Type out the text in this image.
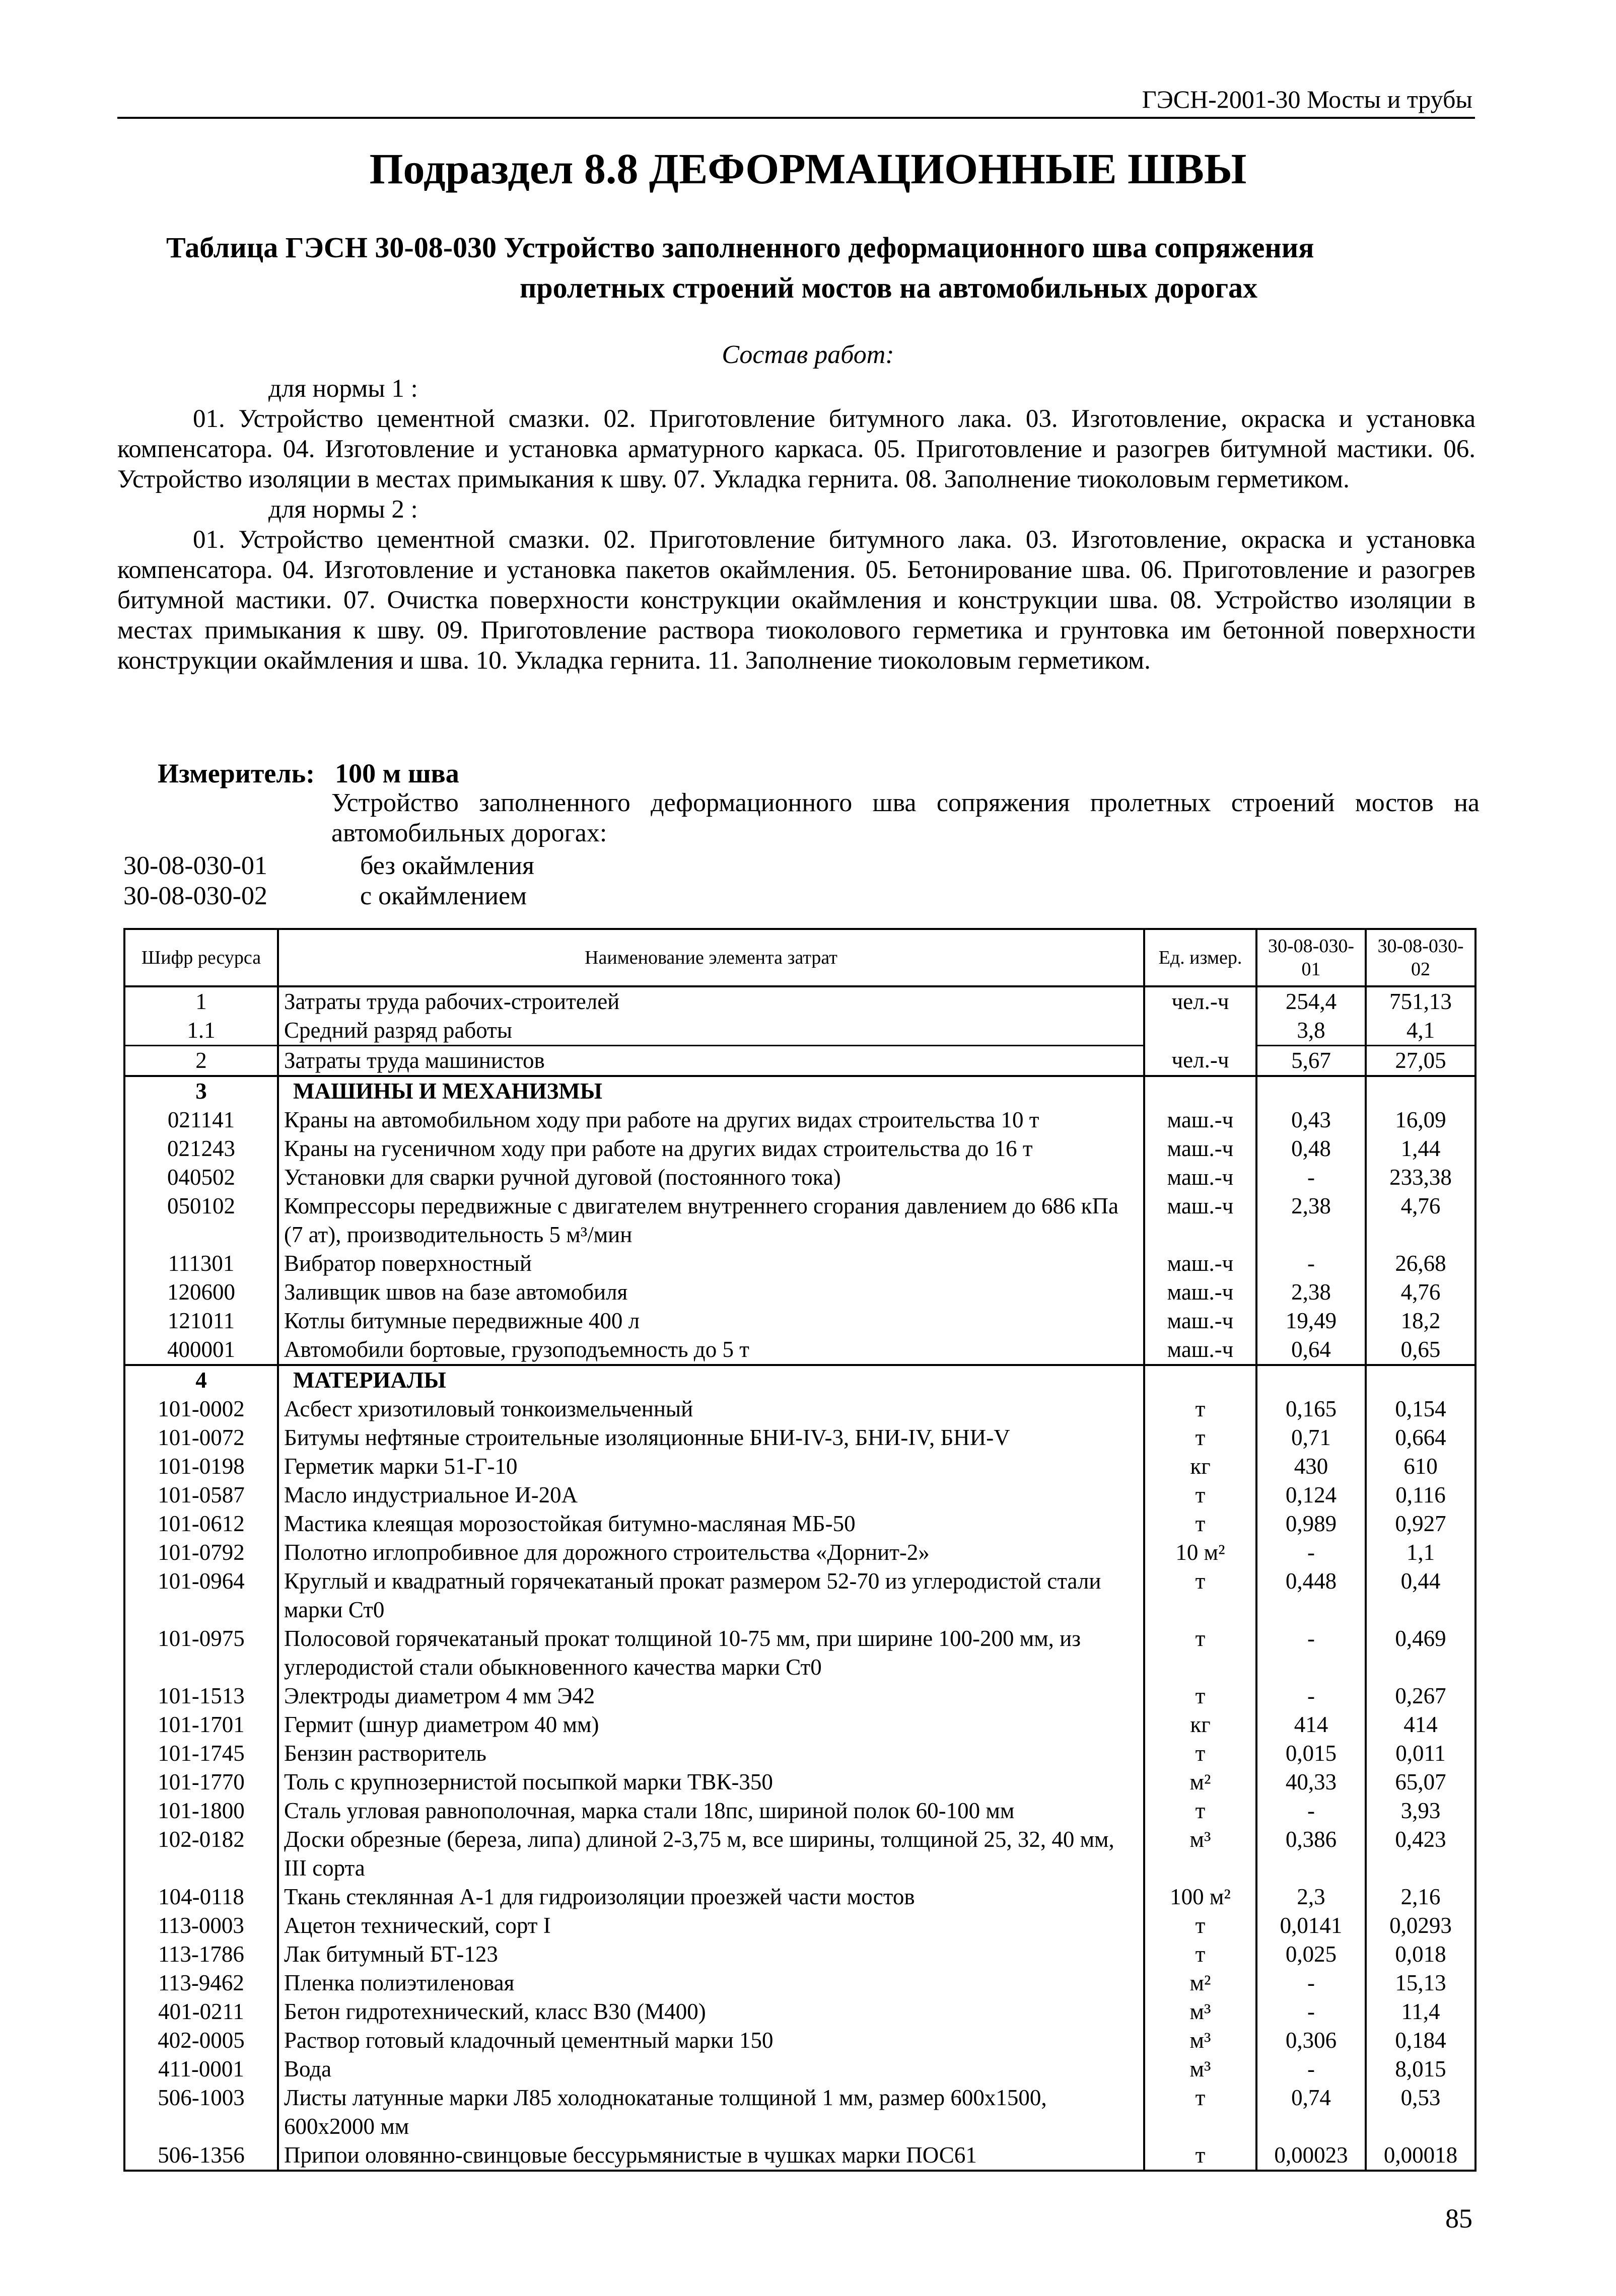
ГЭСН-2001-30 Мосты и трубы
Подраздел 8.8 ДЕФОРМАЦИОННЫЕ ШВЫ
Таблица ГЭСН 30-08-030 Устройство заполненного деформационного шва сопряжения
пролетных строений мостов на автомобильных дорогах
Состав работ:

для нормы 1 :

01. Устройство цементной смазки. 02. Приготовление битумного лака. 03. Изготовление, окраска и установка компенсатора. 04. Изготовление и установка арматурного каркаса. 05. Приготовление и разогрев битумной мастики. 06. Устройство изоляции в местах примыкания к шву. 07. Укладка гернита. 08. Заполнение тиоколовым герметиком.

для нормы 2 :

01. Устройство цементной смазки. 02. Приготовление битумного лака. 03. Изготовление, окраска и установка компенсатора. 04. Изготовление и установка пакетов окаймления. 05. Бетонирование шва. 06. Приготовление и разогрев битумной мастики. 07. Очистка поверхности конструкции окаймления и конструкции шва. 08. Устройство изоляции в местах примыкания к шву. 09. Приготовление раствора тиоколового герметика и грунтовка им бетонной поверхности конструкции окаймления и шва. 10. Укладка гернита. 11. Заполнение тиоколовым герметиком.

Измеритель: 100 м шва
Устройство заполненного деформационного шва сопряжения пролетных строений мостов на автомобильных дорогах:
30-08-030-01	без окаймления
30-08-030-02	с окаймлением
Шифр ресурса	Наименование элемента затрат	Ед. измер.	30-08-030-01	30-08-030-02
1	Затраты труда рабочих-строителей	чел.-ч	254,4	751,13
1.1	Средний разряд работы		3,8	4,1
2	Затраты труда машинистов	чел.-ч	5,67	27,05
3	МАШИНЫ И МЕХАНИЗМЫ			
021141	Краны на автомобильном ходу при работе на других видах строительства 10 т	маш.-ч	0,43	16,09
021243	Краны на гусеничном ходу при работе на других видах строительства до 16 т	маш.-ч	0,48	1,44
040502	Установки для сварки ручной дуговой (постоянного тока)	маш.-ч	-	233,38
050102	Компрессоры передвижные с двигателем внутреннего сгорания давлением до 686 кПа (7 ат), производительность 5 м³/мин	маш.-ч	2,38	4,76
111301	Вибратор поверхностный	маш.-ч	-	26,68
120600	Заливщик швов на базе автомобиля	маш.-ч	2,38	4,76
121011	Котлы битумные передвижные 400 л	маш.-ч	19,49	18,2
400001	Автомобили бортовые, грузоподъемность до 5 т	маш.-ч	0,64	0,65
4	МАТЕРИАЛЫ			
101-0002	Асбест хризотиловый тонкоизмельченный	т	0,165	0,154
101-0072	Битумы нефтяные строительные изоляционные БНИ-IV-3, БНИ-IV, БНИ-V	т	0,71	0,664
101-0198	Герметик марки 51-Г-10	кг	430	610
101-0587	Масло индустриальное И-20А	т	0,124	0,116
101-0612	Мастика клеящая морозостойкая битумно-масляная МБ-50	т	0,989	0,927
101-0792	Полотно иглопробивное для дорожного строительства «Дорнит-2»	10 м²	-	1,1
101-0964	Круглый и квадратный горячекатаный прокат размером 52-70 из углеродистой стали марки Ст0	т	0,448	0,44
101-0975	Полосовой горячекатаный прокат толщиной 10-75 мм, при ширине 100-200 мм, из углеродистой стали обыкновенного качества марки Ст0	т	-	0,469
101-1513	Электроды диаметром 4 мм Э42	т	-	0,267
101-1701	Гермит (шнур диаметром 40 мм)	кг	414	414
101-1745	Бензин растворитель	т	0,015	0,011
101-1770	Толь с крупнозернистой посыпкой марки ТВК-350	м²	40,33	65,07
101-1800	Сталь угловая равнополочная, марка стали 18пс, шириной полок 60-100 мм	т	-	3,93
102-0182	Доски обрезные (береза, липа) длиной 2-3,75 м, все ширины, толщиной 25, 32, 40 мм, III сорта	м³	0,386	0,423
104-0118	Ткань стеклянная А-1 для гидроизоляции проезжей части мостов	100 м²	2,3	2,16
113-0003	Ацетон технический, сорт I	т	0,0141	0,0293
113-1786	Лак битумный БТ-123	т	0,025	0,018
113-9462	Пленка полиэтиленовая	м²	-	15,13
401-0211	Бетон гидротехнический, класс В30 (М400)	м³	-	11,4
402-0005	Раствор готовый кладочный цементный марки 150	м³	0,306	0,184
411-0001	Вода	м³	-	8,015
506-1003	Листы латунные марки Л85 холоднокатаные толщиной 1 мм, размер 600х1500, 600х2000 мм	т	0,74	0,53
506-1356	Припои оловянно-свинцовые бессурьмянистые в чушках марки ПОС61	т	0,00023	0,00018
85
